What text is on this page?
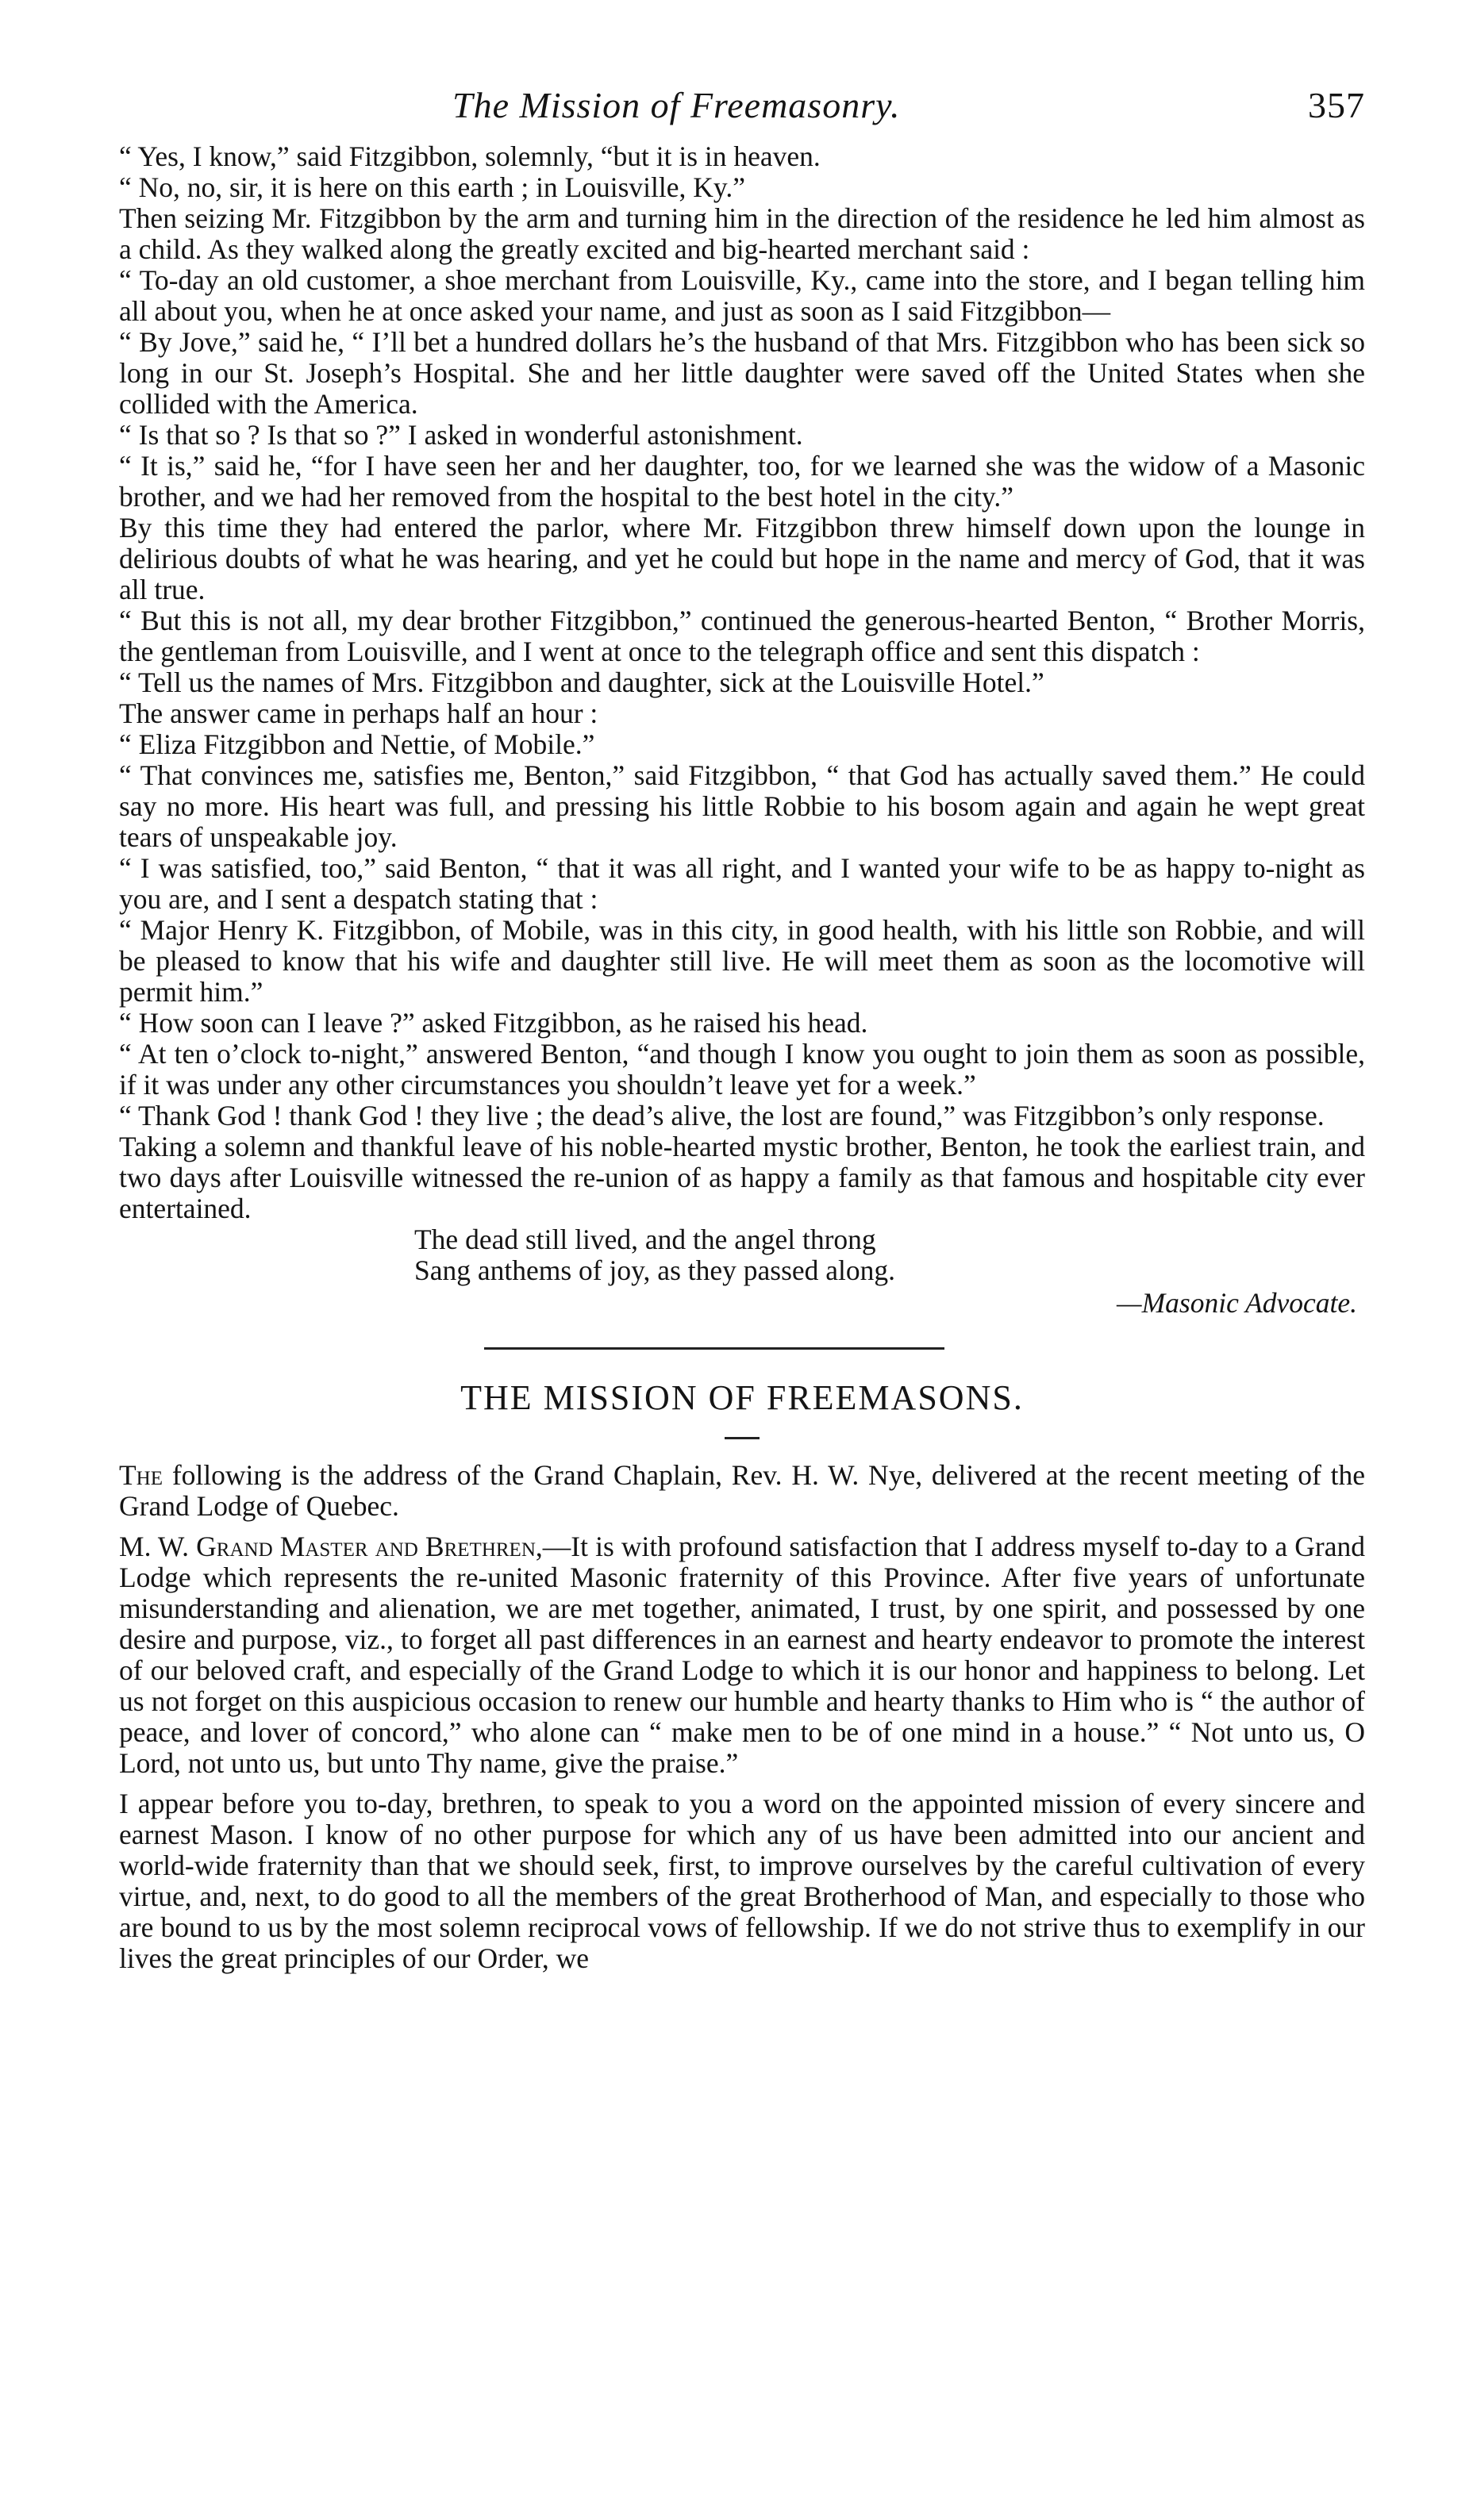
The Mission of Freemasonry.	357

“ Yes, I know,” said Fitzgibbon, solemnly, “but it is in heaven.

“ No, no, sir, it is here on this earth ; in Louisville, Ky.”

Then seizing Mr. Fitzgibbon by the arm and turning him in the direction of the residence he led him almost as a child. As they walked along the greatly excited and big-hearted merchant said :

“ To-day an old customer, a shoe merchant from Louisville, Ky., came into the store, and I began telling him all about you, when he at once asked your name, and just as soon as I said Fitzgibbon—

“ By Jove,” said he, “ I’ll bet a hundred dollars he’s the husband of that Mrs. Fitzgibbon who has been sick so long in our St. Joseph’s Hospital. She and her little daughter were saved off the United States when she collided with the America.

“ Is that so ? Is that so ?” I asked in wonderful astonishment.

“ It is,” said he, “for I have seen her and her daughter, too, for we learned she was the widow of a Masonic brother, and we had her removed from the hospital to the best hotel in the city.”

By this time they had entered the parlor, where Mr. Fitzgibbon threw himself down upon the lounge in delirious doubts of what he was hearing, and yet he could but hope in the name and mercy of God, that it was all true.

“ But this is not all, my dear brother Fitzgibbon,” continued the generous-hearted Benton, “ Brother Morris, the gentleman from Louisville, and I went at once to the telegraph office and sent this dispatch :

“ Tell us the names of Mrs. Fitzgibbon and daughter, sick at the Louisville Hotel.”

The answer came in perhaps half an hour :

“ Eliza Fitzgibbon and Nettie, of Mobile.”

“ That convinces me, satisfies me, Benton,” said Fitzgibbon, “ that God has actually saved them.” He could say no more. His heart was full, and pressing his little Robbie to his bosom again and again he wept great tears of unspeakable joy.

“ I was satisfied, too,” said Benton, “ that it was all right, and I wanted your wife to be as happy to-night as you are, and I sent a despatch stating that :

“ Major Henry K. Fitzgibbon, of Mobile, was in this city, in good health, with his little son Robbie, and will be pleased to know that his wife and daughter still live. He will meet them as soon as the locomotive will permit him.”

“ How soon can I leave ?” asked Fitzgibbon, as he raised his head.

“ At ten o’clock to-night,” answered Benton, “and though I know you ought to join them as soon as possible, if it was under any other circumstances you shouldn’t leave yet for a week.”

“ Thank God ! thank God ! they live ; the dead’s alive, the lost are found,” was Fitzgibbon’s only response.

Taking a solemn and thankful leave of his noble-hearted mystic brother, Benton, he took the earliest train, and two days after Louisville witnessed the re-union of as happy a family as that famous and hospitable city ever entertained.

The dead still lived, and the angel throng

Sang anthems of joy, as they passed along.

—Masonic Advocate.

THE MISSION OF FREEMASONS.

The following is the address of the Grand Chaplain, Rev. H. W. Nye, delivered at the recent meeting of the Grand Lodge of Quebec.

M. W. Grand Master and Brethren,—It is with profound satisfaction that I address myself to-day to a Grand Lodge which represents the re-united Masonic fraternity of this Province. After five years of unfortunate misunderstanding and alienation, we are met together, animated, I trust, by one spirit, and possessed by one desire and purpose, viz., to forget all past differences in an earnest and hearty endeavor to promote the interest of our beloved craft, and especially of the Grand Lodge to which it is our honor and happiness to belong. Let us not forget on this auspicious occasion to renew our humble and hearty thanks to Him who is “ the author of peace, and lover of concord,” who alone can “ make men to be of one mind in a house.” “ Not unto us, O Lord, not unto us, but unto Thy name, give the praise.”

I appear before you to-day, brethren, to speak to you a word on the appointed mission of every sincere and earnest Mason. I know of no other purpose for which any of us have been admitted into our ancient and world-wide fraternity than that we should seek, first, to improve ourselves by the careful cultivation of every virtue, and, next, to do good to all the members of the great Brotherhood of Man, and especially to those who are bound to us by the most solemn reciprocal vows of fellowship. If we do not strive thus to exemplify in our lives the great principles of our Order, we
